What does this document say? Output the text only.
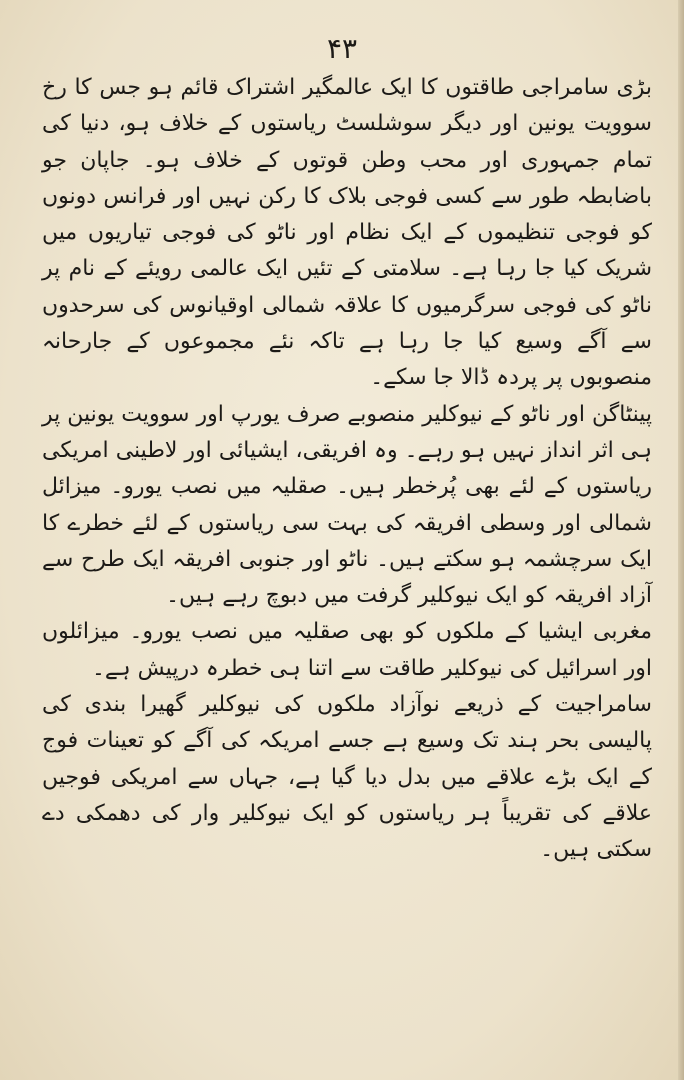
۴۳

بڑی سامراجی طاقتوں کا ایک عالمگیر اشتراک قائم ہو جس کا رخ سوویت یونین اور دیگر سوشلسٹ ریاستوں کے خلاف ہو، دنیا کی تمام جمہوری اور محب وطن قوتوں کے خلاف ہو۔ جاپان جو باضابطہ طور سے کسی فوجی بلاک کا رکن نہیں اور فرانس دونوں کو فوجی تنظیموں کے ایک نظام اور ناٹو کی فوجی تیاریوں میں شریک کیا جا رہا ہے۔ سلامتی کے تئیں ایک عالمی رویئے کے نام پر ناٹو کی فوجی سرگرمیوں کا علاقہ شمالی اوقیانوس کی سرحدوں سے آگے وسیع کیا جا رہا ہے تاکہ نئے مجموعوں کے جارحانہ منصوبوں پر پردہ ڈالا جا سکے۔

پینٹاگن اور ناٹو کے نیوکلیر منصوبے صرف یورپ اور سوویت یونین پر ہی اثر انداز نہیں ہو رہے۔ وہ افریقی، ایشیائی اور لاطینی امریکی ریاستوں کے لئے بھی پُرخطر ہیں۔ صقلیہ میں نصب یورو۔ میزائل شمالی اور وسطی افریقہ کی بہت سی ریاستوں کے لئے خطرے کا ایک سرچشمہ ہو سکتے ہیں۔ ناٹو اور جنوبی افریقہ ایک طرح سے آزاد افریقہ کو ایک نیوکلیر گرفت میں دبوچ رہے ہیں۔

مغربی ایشیا کے ملکوں کو بھی صقلیہ میں نصب یورو۔ میزائلوں اور اسرائیل کی نیوکلیر طاقت سے اتنا ہی خطرہ درپیش ہے۔

سامراجیت کے ذریعے نوآزاد ملکوں کی نیوکلیر گھیرا بندی کی پالیسی بحر ہند تک وسیع ہے جسے امریکہ کی آگے کو تعینات فوج کے ایک بڑے علاقے میں بدل دیا گیا ہے، جہاں سے امریکی فوجیں علاقے کی تقریباً ہر ریاستوں کو ایک نیوکلیر وار کی دھمکی دے سکتی ہیں۔
